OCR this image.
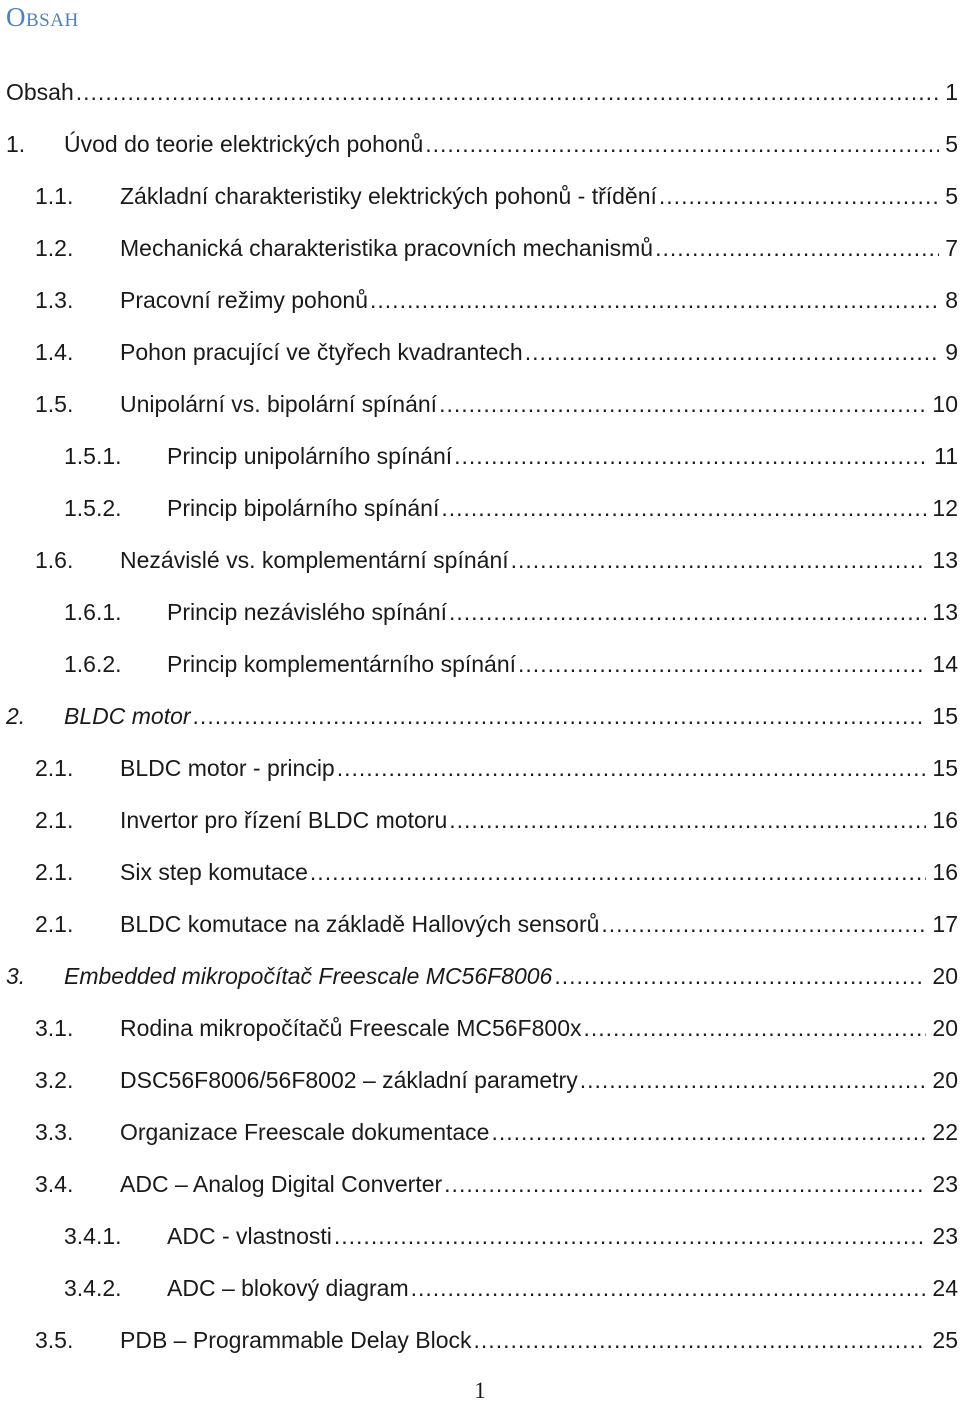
Obsah
Obsah .....	1
1.	Úvod do teorie elektrických pohonů .....	5
1.1.	Základní charakteristiky elektrických pohonů - třídění .....	5
1.2.	Mechanická charakteristika pracovních mechanismů .....	7
1.3.	Pracovní režimy pohonů .....	8
1.4.	Pohon pracující ve čtyřech kvadrantech .....	9
1.5.	Unipolární vs. bipolární spínání .....	10
1.5.1.	Princip unipolárního spínání .....	11
1.5.2.	Princip bipolárního spínání .....	12
1.6.	Nezávislé vs. komplementární spínání .....	13
1.6.1.	Princip nezávislého spínání .....	13
1.6.2.	Princip komplementárního spínání .....	14
2.	BLDC motor .....	15
2.1.	BLDC motor - princip .....	15
2.1.	Invertor pro řízení BLDC motoru .....	16
2.1.	Six step komutace .....	16
2.1.	BLDC komutace na základě Hallových sensorů .....	17
3.	Embedded mikropočítač Freescale MC56F8006 .....	20
3.1.	Rodina mikropočítačů Freescale MC56F800x .....	20
3.2.	DSC56F8006/56F8002 – základní parametry .....	20
3.3.	Organizace Freescale dokumentace .....	22
3.4.	ADC – Analog Digital Converter .....	23
3.4.1.	ADC - vlastnosti .....	23
3.4.2.	ADC – blokový diagram .....	24
3.5.	PDB – Programmable Delay Block .....	25
1
